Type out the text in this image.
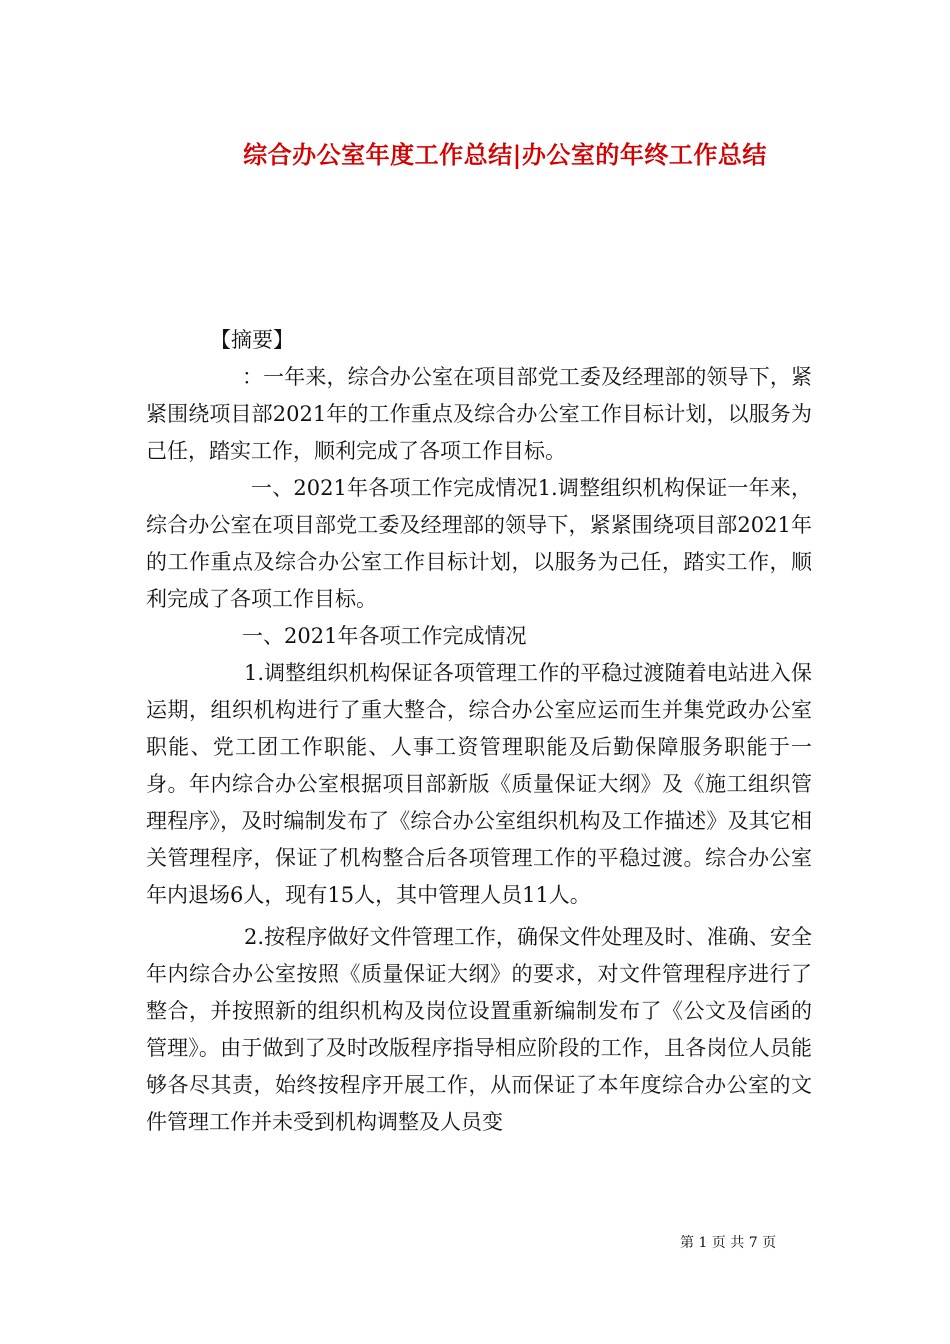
综合办公室年度工作总结|办公室的年终工作总结

【摘要】

：一年来，综合办公室在项目部党工委及经理部的领导下，紧紧围绕项目部2021年的工作重点及综合办公室工作目标计划，以服务为己任，踏实工作，顺利完成了各项工作目标。

一、2021年各项工作完成情况1.调整组织机构保证一年来，综合办公室在项目部党工委及经理部的领导下，紧紧围绕项目部2021年的工作重点及综合办公室工作目标计划，以服务为己任，踏实工作，顺利完成了各项工作目标。

一、2021年各项工作完成情况

1.调整组织机构保证各项管理工作的平稳过渡随着电站进入保运期，组织机构进行了重大整合，综合办公室应运而生并集党政办公室职能、党工团工作职能、人事工资管理职能及后勤保障服务职能于一身。年内综合办公室根据项目部新版《质量保证大纲》及《施工组织管理程序》，及时编制发布了《综合办公室组织机构及工作描述》及其它相关管理程序，保证了机构整合后各项管理工作的平稳过渡。综合办公室年内退场6人，现有15人，其中管理人员11人。

2.按程序做好文件管理工作，确保文件处理及时、准确、安全年内综合办公室按照《质量保证大纲》的要求，对文件管理程序进行了整合，并按照新的组织机构及岗位设置重新编制发布了《公文及信函的管理》。由于做到了及时改版程序指导相应阶段的工作，且各岗位人员能够各尽其责，始终按程序开展工作，从而保证了本年度综合办公室的文件管理工作并未受到机构调整及人员变

第 1 页 共 7 页
